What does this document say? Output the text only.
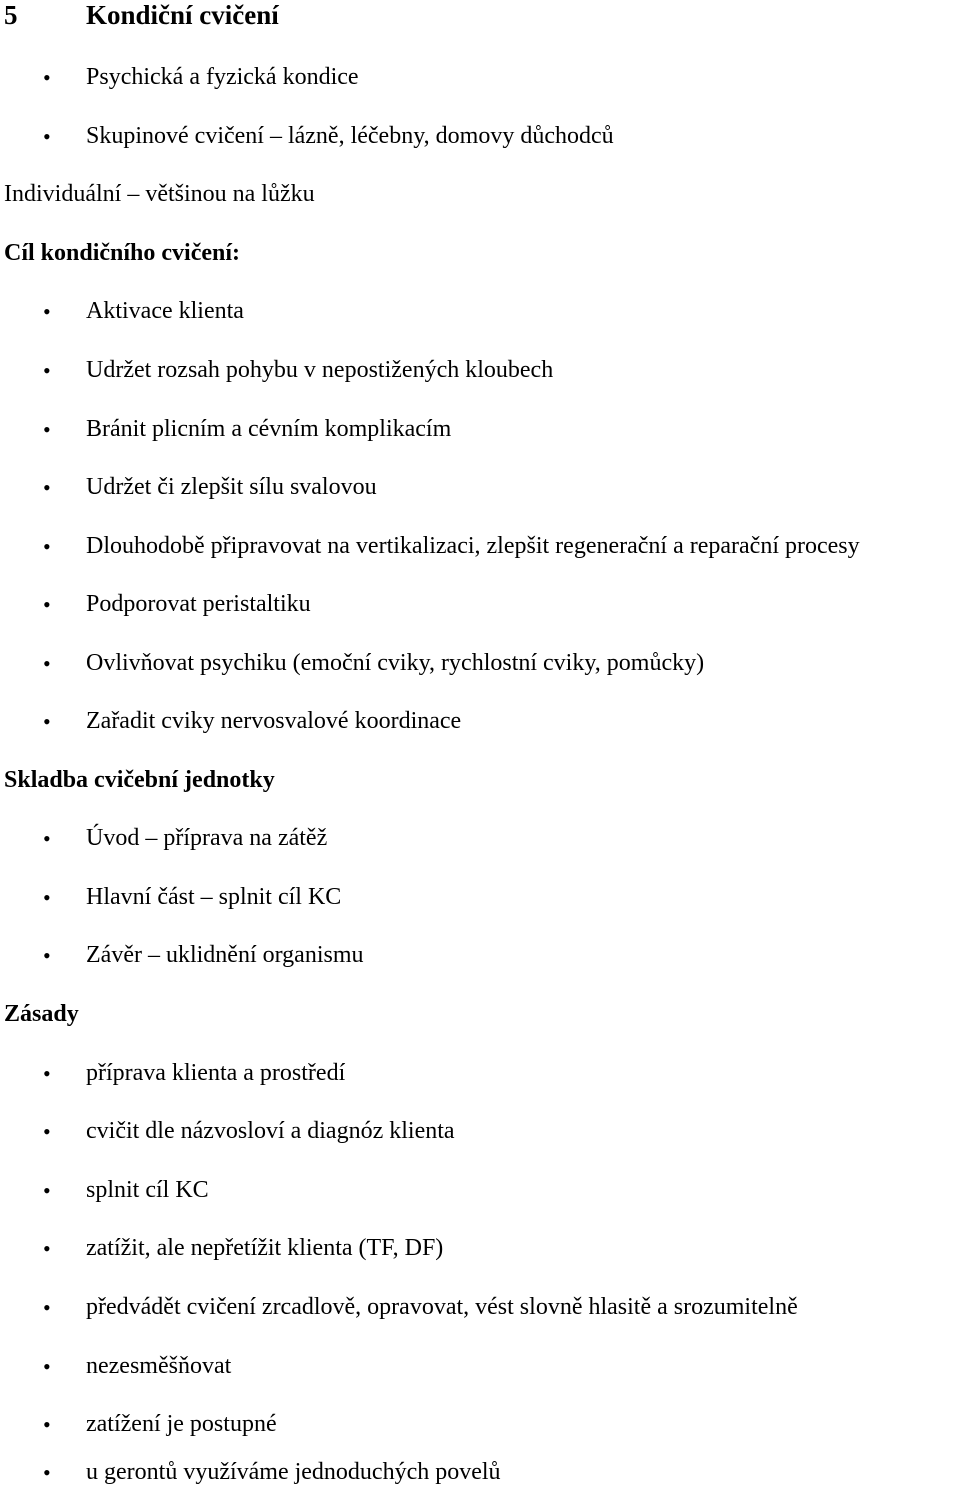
5	Kondiční cvičení
• Psychická a fyzická kondice
• Skupinové cvičení – lázně, léčebny, domovy důchodců
Individuální – většinou na lůžku
Cíl kondičního cvičení:
• Aktivace klienta
• Udržet rozsah pohybu v nepostižených kloubech
• Bránit plicním a cévním komplikacím
• Udržet či zlepšit sílu svalovou
• Dlouhodobě připravovat na vertikalizaci, zlepšit regenerační a reparační procesy
• Podporovat peristaltiku
• Ovlivňovat psychiku (emoční cviky, rychlostní cviky, pomůcky)
• Zařadit cviky nervosvalové koordinace
Skladba cvičební jednotky
• Úvod – příprava na zátěž
• Hlavní část – splnit cíl KC
• Závěr – uklidnění organismu
Zásady
• příprava klienta a prostředí
• cvičit dle názvosloví a diagnóz klienta
• splnit cíl KC
• zatížit, ale nepřetížit klienta (TF, DF)
• předvádět cvičení zrcadlově, opravovat, vést slovně hlasitě a srozumitelně
• nezesměšňovat
• zatížení je postupné
• u gerontů využíváme jednoduchých povelů
